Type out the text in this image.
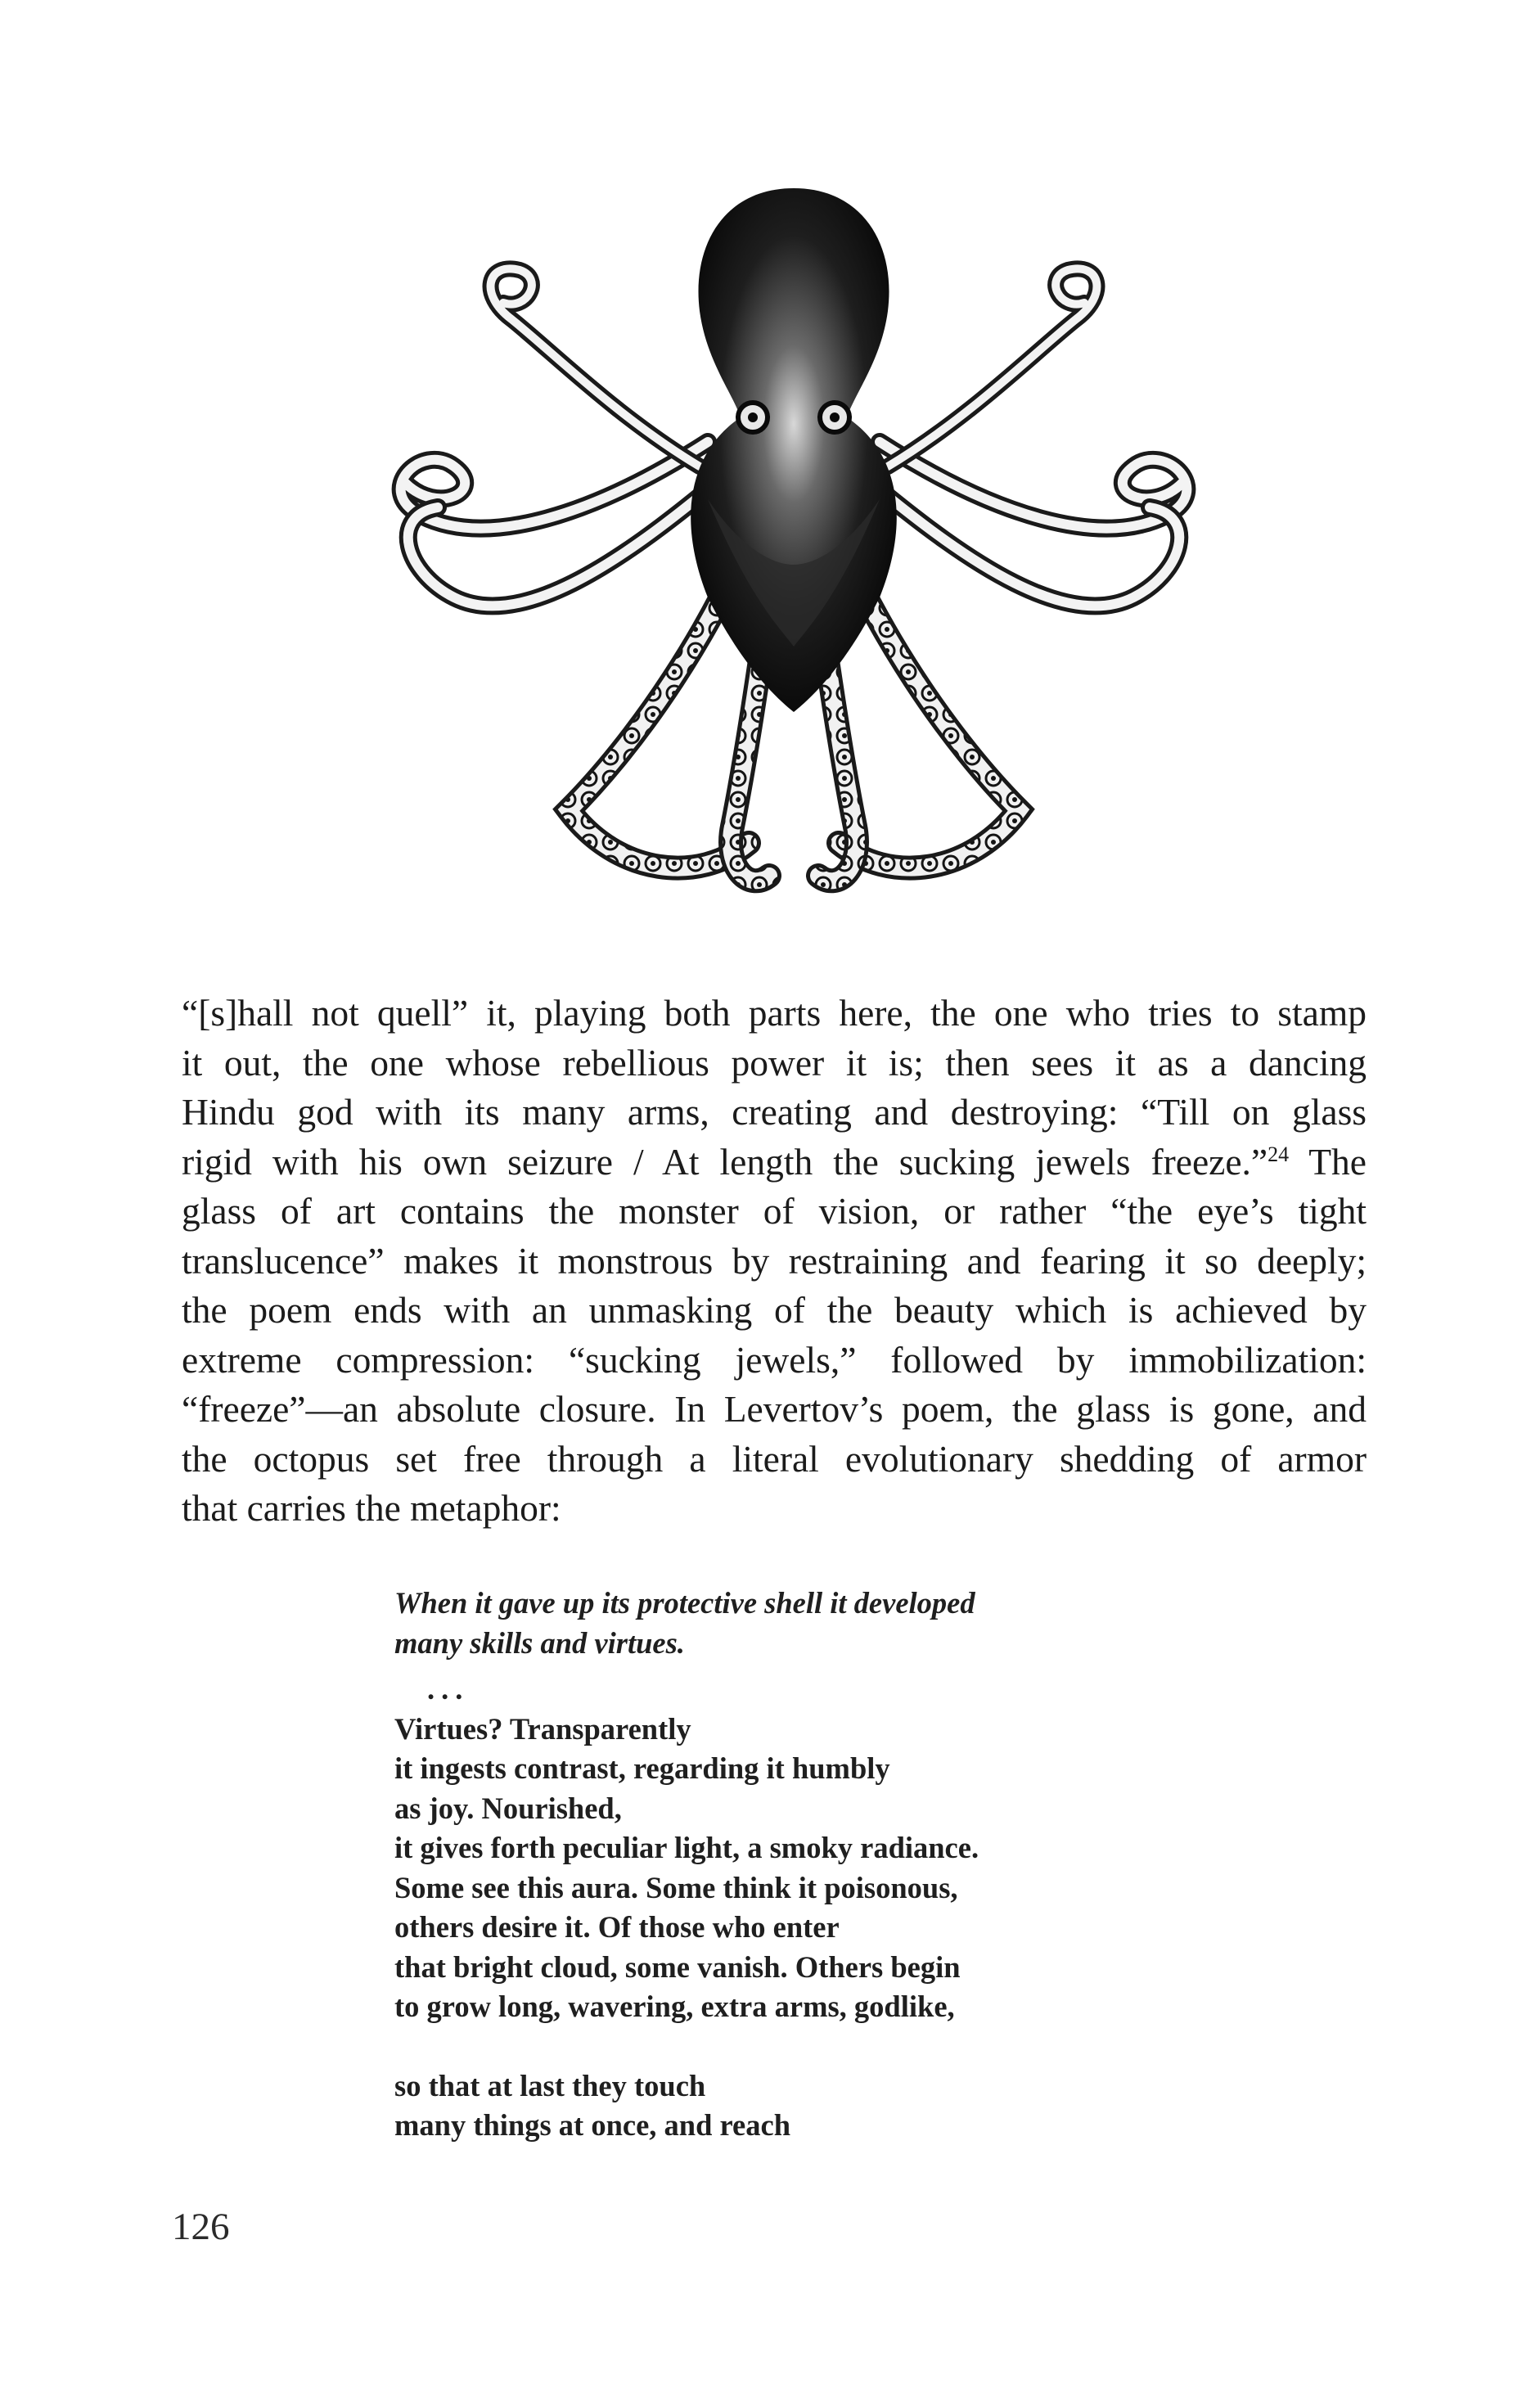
“[s]hall not quell” it, playing both parts here, the one who tries to stamp
it out, the one whose rebellious power it is; then sees it as a dancing
Hindu god with its many arms, creating and destroying: “Till on glass
rigid with his own seizure / At length the sucking jewels freeze.”$^{24}$ The
glass of art contains the monster of vision, or rather “the eye’s tight
translucence” makes it monstrous by restraining and fearing it so deeply;
the poem ends with an unmasking of the beauty which is achieved by
extreme compression: “sucking jewels,” followed by immobilization:
“freeze”—an absolute closure. In Levertov’s poem, the glass is gone, and
the octopus set free through a literal evolutionary shedding of armor
that carries the metaphor:
When it gave up its protective shell it developed
many skills and virtues.
...
Virtues? Transparently
it ingests contrast, regarding it humbly
as joy. Nourished,
it gives forth peculiar light, a smoky radiance.
Some see this aura. Some think it poisonous,
others desire it. Of those who enter
that bright cloud, some vanish. Others begin
to grow long, wavering, extra arms, godlike,
so that at last they touch
many things at once, and reach
126
